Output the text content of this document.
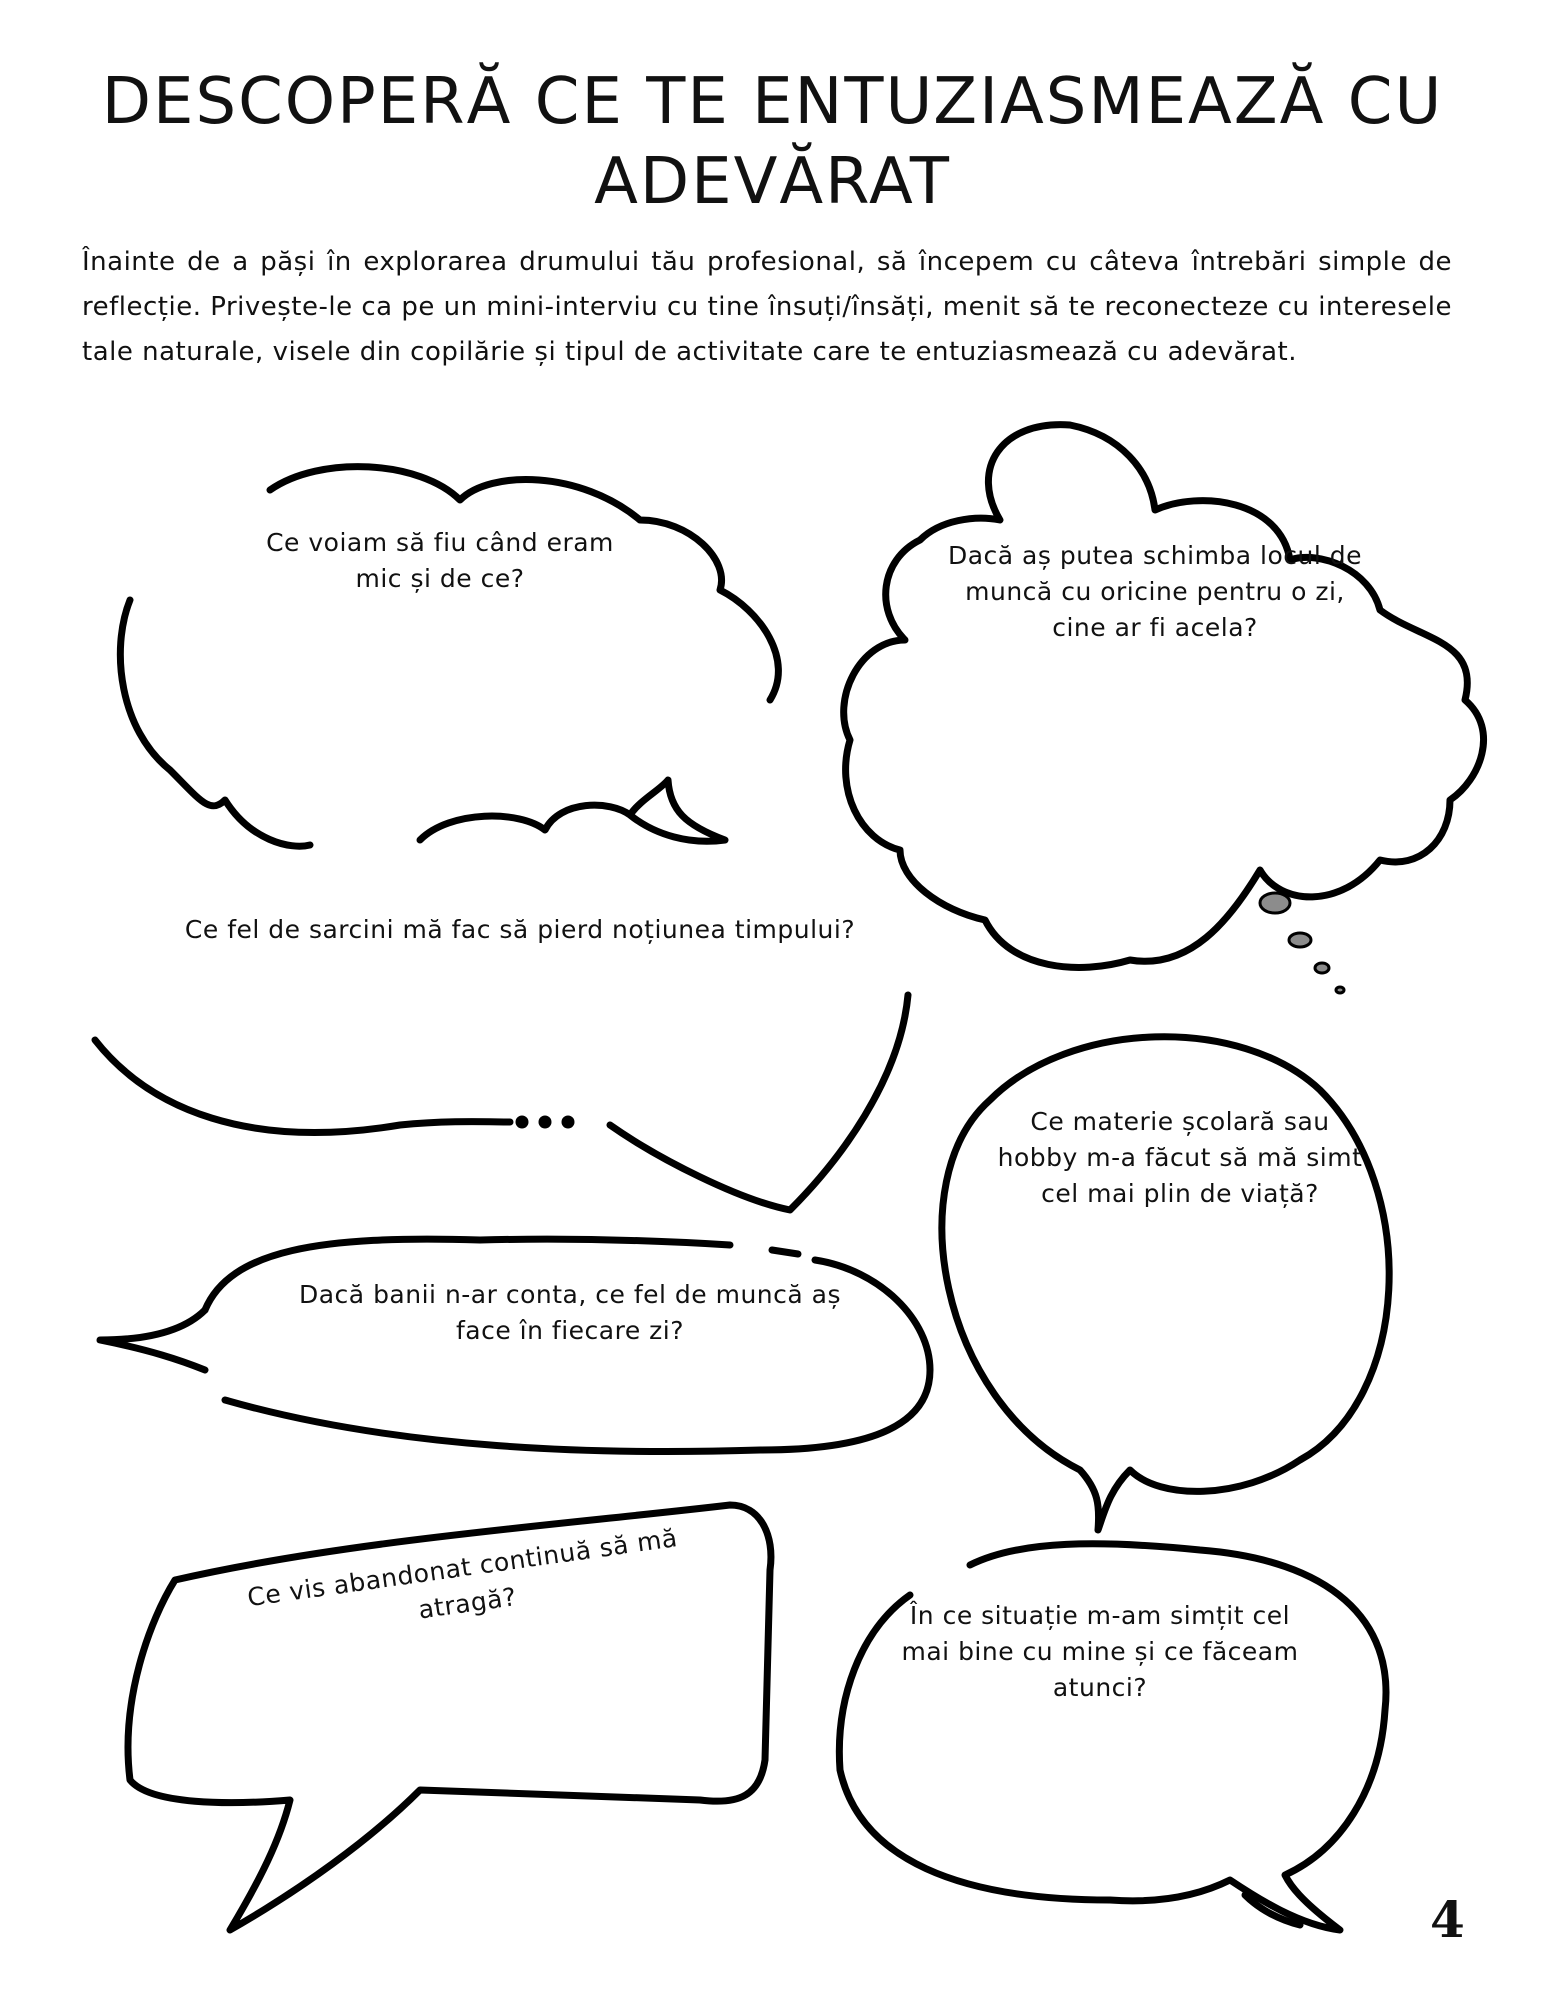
DESCOPERĂ CE TE ENTUZIASMEAZĂ CU ADEVĂRAT

Înainte de a păși în explorarea drumului tău profesional, să începem cu câteva întrebări simple de reflecție. Privește-le ca pe un mini-interviu cu tine însuți/însăți, menit să te reconecteze cu interesele tale naturale, visele din copilărie și tipul de activitate care te entuziasmează cu adevărat.

Ce voiam să fiu când eram mic și de ce?
Dacă aș putea schimba locul de muncă cu oricine pentru o zi, cine ar fi acela?
Ce fel de sarcini mă fac să pierd noțiunea timpului?
Ce materie școlară sau hobby m-a făcut să mă simt cel mai plin de viață?
Dacă banii n-ar conta, ce fel de muncă aș face în fiecare zi?
Ce vis abandonat continuă să mă atragă?	În ce situație m-am simțit cel mai bine cu mine și ce făceam atunci?
4
